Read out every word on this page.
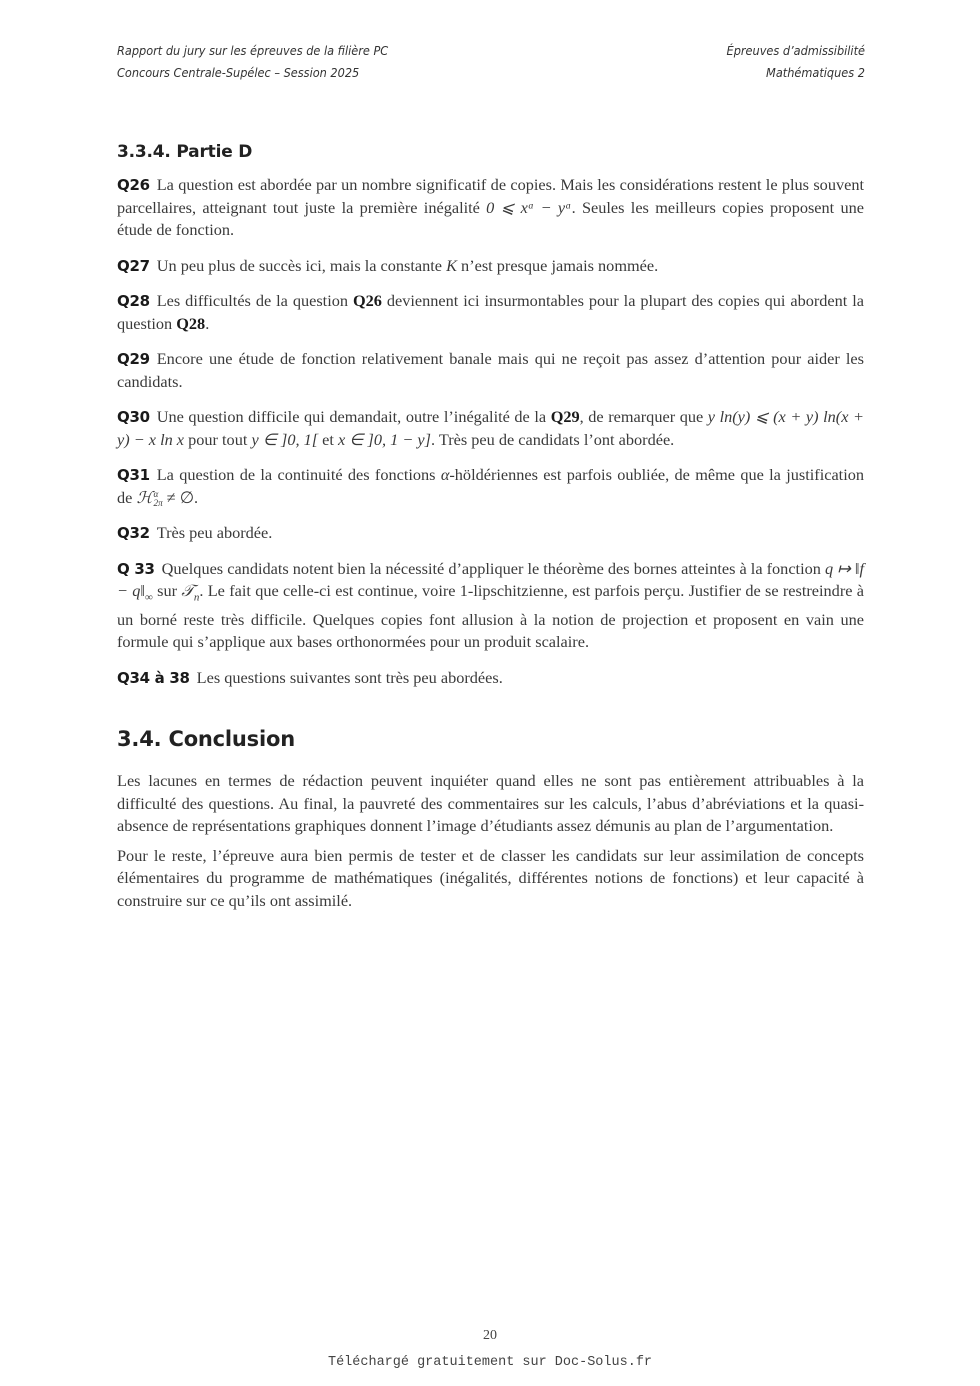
Rapport du jury sur les épreuves de la filière PC
Concours Centrale-Supélec – Session 2025
Épreuves d’admissibilité
Mathématiques 2
3.3.4. Partie D

Q26 La question est abordée par un nombre significatif de copies. Mais les considérations restent le plus souvent parcellaires, atteignant tout juste la première inégalité 0 ⩽ xᵅ − yᵅ. Seules les meilleurs copies proposent une étude de fonction.

Q27 Un peu plus de succès ici, mais la constante K n’est presque jamais nommée.

Q28 Les difficultés de la question Q26 deviennent ici insurmontables pour la plupart des copies qui abordent la question Q28.

Q29 Encore une étude de fonction relativement banale mais qui ne reçoit pas assez d’attention pour aider les candidats.

Q30 Une question difficile qui demandait, outre l’inégalité de la Q29, de remarquer que y ln(y) ⩽ (x + y) ln(x + y) − x ln x pour tout y ∈ ]0, 1[ et x ∈ ]0, 1 − y]. Très peu de candidats l’ont abordée.

Q31 La question de la continuité des fonctions α-höldériennes est parfois oubliée, de même que la justification de ℋ α
2π ≠ ∅.

Q32 Très peu abordée.

Q 33 Quelques candidats notent bien la nécessité d’appliquer le théorème des bornes atteintes à la fonction q ↦ ‖f − $q‖_\infty$ sur 𝒯$_n$. Le fait que celle-ci est continue, voire 1-lipschitzienne, est parfois perçu. Justifier de se restreindre à un borné reste très difficile. Quelques copies font allusion à la notion de projection et proposent en vain une formule qui s’applique aux bases orthonormées pour un produit scalaire.

Q34 à 38 Les questions suivantes sont très peu abordées.

3.4. Conclusion

Les lacunes en termes de rédaction peuvent inquiéter quand elles ne sont pas entièrement attribuables à la difficulté des questions. Au final, la pauvreté des commentaires sur les calculs, l’abus d’abréviations et la quasi-absence de représentations graphiques donnent l’image d’étudiants assez démunis au plan de l’argumentation.

Pour le reste, l’épreuve aura bien permis de tester et de classer les candidats sur leur assimilation de concepts élémentaires du programme de mathématiques (inégalités, différentes notions de fonctions) et leur capacité à construire sur ce qu’ils ont assimilé.

20
Téléchargé gratuitement sur Doc-Solus.fr
